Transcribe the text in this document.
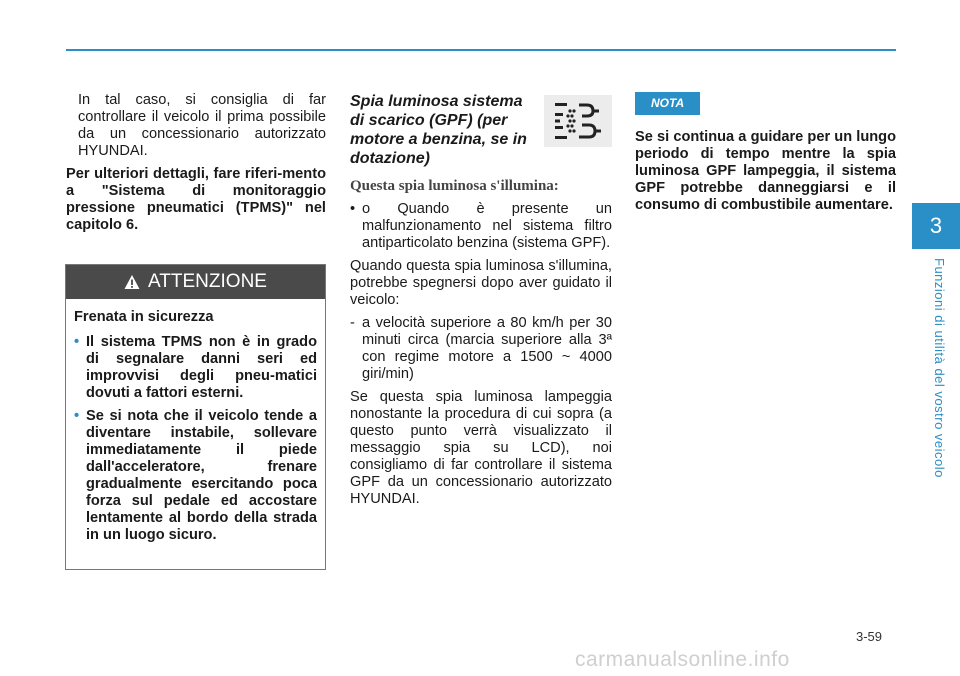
In tal caso, si consiglia di far controllare il veicolo il prima possibile da un concessionario autorizzato HYUNDAI.

Per ulteriori dettagli, fare riferi-mento a "Sistema di monitoraggio pressione pneumatici (TPMS)" nel capitolo 6.

ATTENZIONE
Frenata in sicurezza
• Il sistema TPMS non è in grado di segnalare danni seri ed improvvisi degli pneu-matici dovuti a fattori esterni.
• Se si nota che il veicolo tende a diventare instabile, sollevare immediatamente il piede dall'acceleratore, frenare gradualmente esercitando poca forza sul pedale ed accostare lentamente al bordo della strada in un luogo sicuro.
Spia luminosa sistema di scarico (GPF) (per motore a benzina, se in dotazione)
Questa spia luminosa s'illumina:
• o Quando è presente un malfunzionamento nel sistema filtro antiparticolato benzina (sistema GPF).

Quando questa spia luminosa s'illumina, potrebbe spegnersi dopo aver guidato il veicolo:

- a velocità superiore a 80 km/h per 30 minuti circa (marcia superiore alla 3ª con regime motore a 1500 ~ 4000 giri/min)

Se questa spia luminosa lampeggia nonostante la procedura di cui sopra (a questo punto verrà visualizzato il messaggio spia su LCD), noi consigliamo di far controllare il sistema GPF da un concessionario autorizzato HYUNDAI.

NOTA

Se si continua a guidare per un lungo periodo di tempo mentre la spia luminosa GPF lampeggia, il sistema GPF potrebbe danneggiarsi e il consumo di combustibile aumentare.

3
Funzioni di utilità del vostro veicolo
3-59
carmanualsonline.info
